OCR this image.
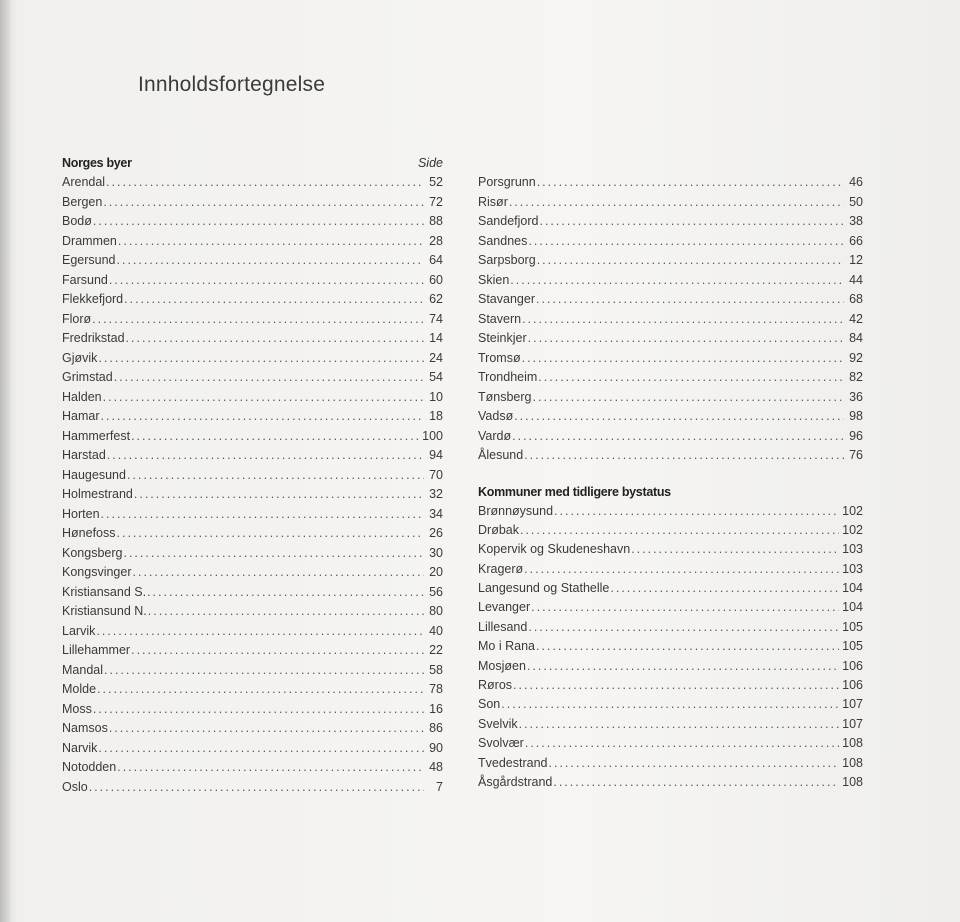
Innholdsfortegnelse
Norges byer	Side
Arendal .....	52
Bergen .....	72
Bodø .....	88
Drammen .....	28
Egersund .....	64
Farsund .....	60
Flekkefjord .....	62
Florø .....	74
Fredrikstad .....	14
Gjøvik .....	24
Grimstad .....	54
Halden .....	10
Hamar .....	18
Hammerfest .....	100
Harstad .....	94
Haugesund .....	70
Holmestrand .....	32
Horten .....	34
Hønefoss .....	26
Kongsberg .....	30
Kongsvinger .....	20
Kristiansand S. .....	56
Kristiansund N. .....	80
Larvik .....	40
Lillehammer .....	22
Mandal .....	58
Molde .....	78
Moss .....	16
Namsos .....	86
Narvik .....	90
Notodden .....	48
Oslo .....	7
Porsgrunn .....	46
Risør .....	50
Sandefjord .....	38
Sandnes .....	66
Sarpsborg .....	12
Skien .....	44
Stavanger .....	68
Stavern .....	42
Steinkjer .....	84
Tromsø .....	92
Trondheim .....	82
Tønsberg .....	36
Vadsø .....	98
Vardø .....	96
Ålesund .....	76
Kommuner med tidligere bystatus
Brønnøysund .....	102
Drøbak .....	102
Kopervik og Skudeneshavn .....	103
Kragerø .....	103
Langesund og Stathelle .....	104
Levanger .....	104
Lillesand .....	105
Mo i Rana .....	105
Mosjøen .....	106
Røros .....	106
Son .....	107
Svelvik .....	107
Svolvær .....	108
Tvedestrand .....	108
Åsgårdstrand .....	108
